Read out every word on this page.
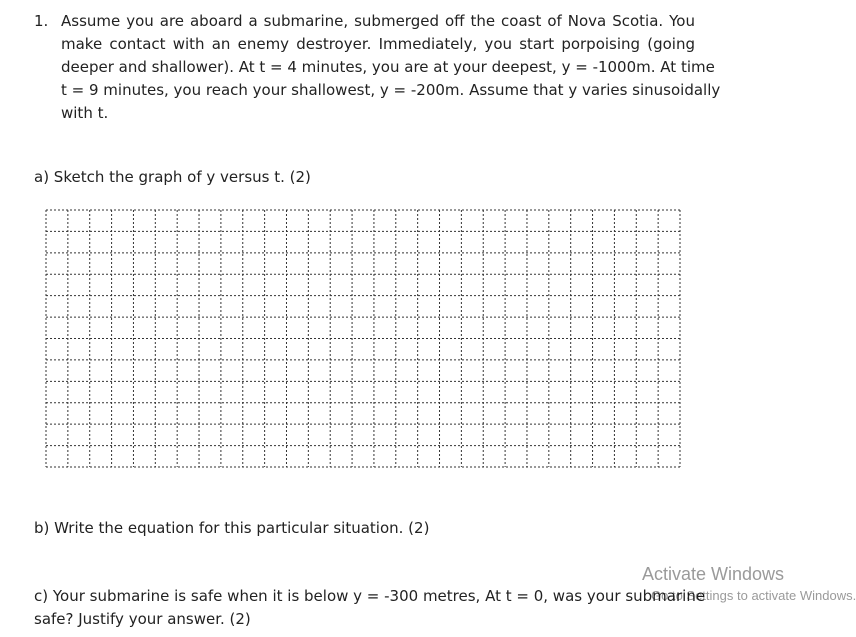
1. Assume you are aboard a submarine, submerged off the coast of Nova Scotia. You
make contact with an enemy destroyer. Immediately, you start porpoising (going
deeper and shallower). At t = 4 minutes, you are at your deepest, y = -1000m. At time
t = 9 minutes, you reach your shallowest, y = -200m. Assume that y varies sinusoidally
with t.
a) Sketch the graph of y versus t. (2)
b) Write the equation for this particular situation. (2)
c) Your submarine is safe when it is below y = -300 metres, At t = 0, was your submarine
safe? Justify your answer. (2)
Activate Windows
Go to Settings to activate Windows.
